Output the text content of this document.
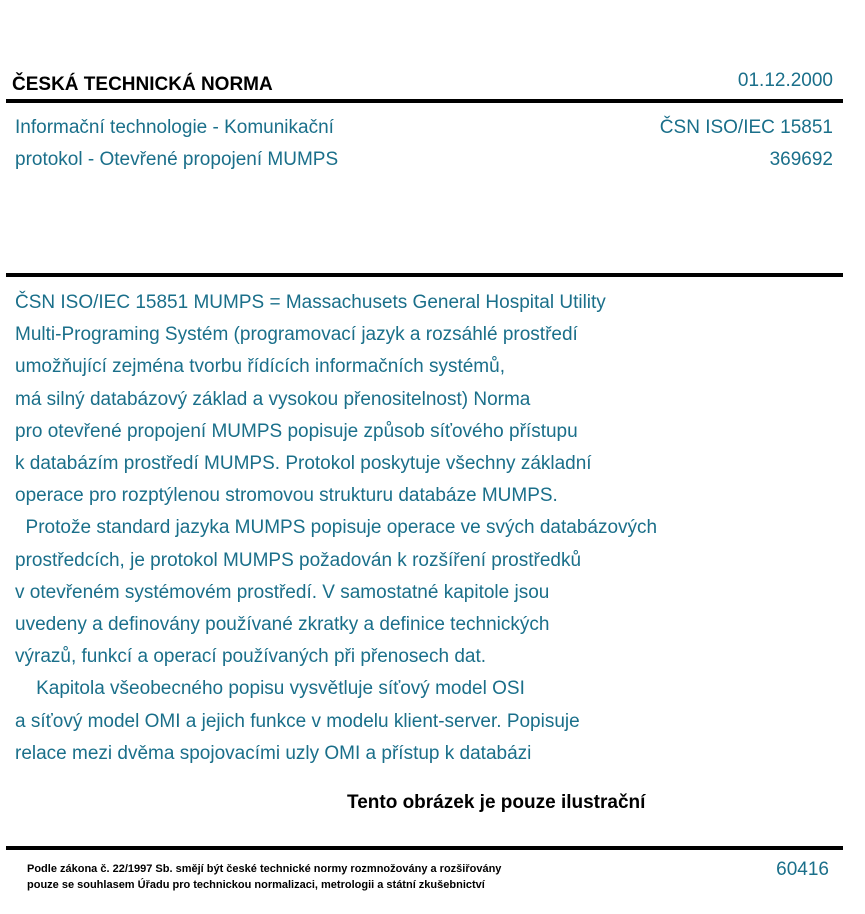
ČESKÁ TECHNICKÁ NORMA	01.12.2000
Informační technologie - Komunikační
protokol - Otevřené propojení MUMPS
ČSN ISO/IEC 15851
369692
ČSN ISO/IEC 15851 MUMPS = Massachusets General Hospital Utility
Multi-Programing Systém (programovací jazyk a rozsáhlé prostředí
umožňující zejména tvorbu řídících informačních systémů,
má silný databázový základ a vysokou přenositelnost) Norma
pro otevřené propojení MUMPS popisuje způsob síťového přístupu
k databázím prostředí MUMPS. Protokol poskytuje všechny základní
operace pro rozptýlenou stromovou strukturu databáze MUMPS.
Protože standard jazyka MUMPS popisuje operace ve svých databázových
prostředcích, je protokol MUMPS požadován k rozšíření prostředků
v otevřeném systémovém prostředí. V samostatné kapitole jsou
uvedeny a definovány používané zkratky a definice technických
výrazů, funkcí a operací používaných při přenosech dat.
Kapitola všeobecného popisu vysvětluje síťový model OSI
a síťový model OMI a jejich funkce v modelu klient-server. Popisuje
relace mezi dvěma spojovacími uzly OMI a přístup k databázi
Tento obrázek je pouze ilustrační
Podle zákona č. 22/1997 Sb. smějí být české technické normy rozmnožovány a rozšiřovány
pouze se souhlasem Úřadu pro technickou normalizaci, metrologii a státní zkušebnictví
60416
